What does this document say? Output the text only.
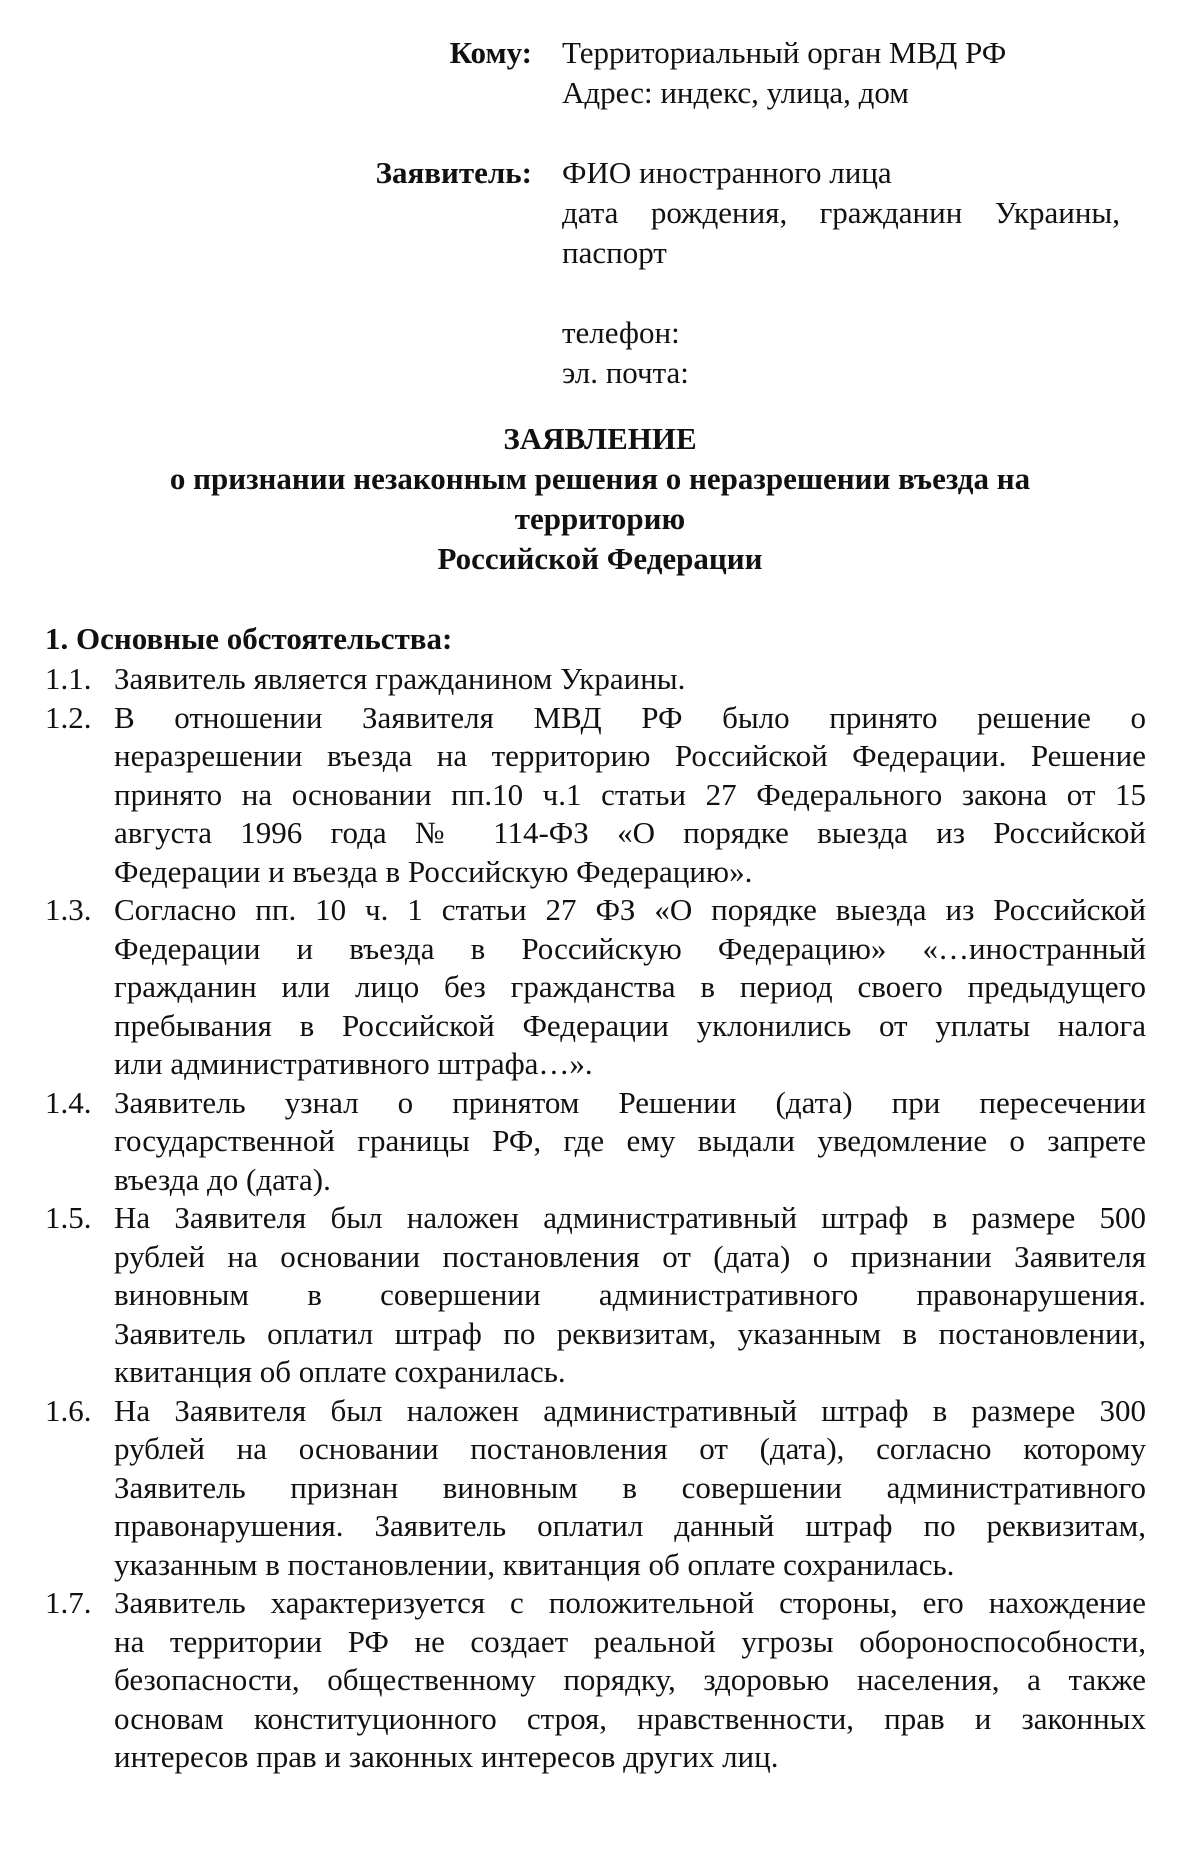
Кому: Территориальный орган МВД РФ
Адрес: индекс, улица, дом
Заявитель: ФИО иностранного лица
дата рождения, гражданин Украины,
паспорт
телефон:
эл. почта:
ЗАЯВЛЕНИЕ
о признании незаконным решения о неразрешении въезда на
территорию
Российской Федерации
1. Основные обстоятельства:
1.1. Заявитель является гражданином Украины.
1.2. В отношении Заявителя МВД РФ было принято решение о
неразрешении въезда на территорию Российской Федерации. Решение
принято на основании пп.10 ч.1 статьи 27 Федерального закона от 15
августа 1996 года № 114-ФЗ «О порядке выезда из Российской
Федерации и въезда в Российскую Федерацию».
1.3. Согласно пп. 10 ч. 1 статьи 27 ФЗ «О порядке выезда из Российской
Федерации и въезда в Российскую Федерацию» «…иностранный
гражданин или лицо без гражданства в период своего предыдущего
пребывания в Российской Федерации уклонились от уплаты налога
или административного штрафа…».
1.4. Заявитель узнал о принятом Решении (дата) при пересечении
государственной границы РФ, где ему выдали уведомление о запрете
въезда до (дата).
1.5. На Заявителя был наложен административный штраф в размере 500
рублей на основании постановления от (дата) о признании Заявителя
виновным в совершении административного правонарушения.
Заявитель оплатил штраф по реквизитам, указанным в постановлении,
квитанция об оплате сохранилась.
1.6. На Заявителя был наложен административный штраф в размере 300
рублей на основании постановления от (дата), согласно которому
Заявитель признан виновным в совершении административного
правонарушения. Заявитель оплатил данный штраф по реквизитам,
указанным в постановлении, квитанция об оплате сохранилась.
1.7. Заявитель характеризуется с положительной стороны, его нахождение
на территории РФ не создает реальной угрозы обороноспособности,
безопасности, общественному порядку, здоровью населения, а также
основам конституционного строя, нравственности, прав и законных
интересов прав и законных интересов других лиц.
